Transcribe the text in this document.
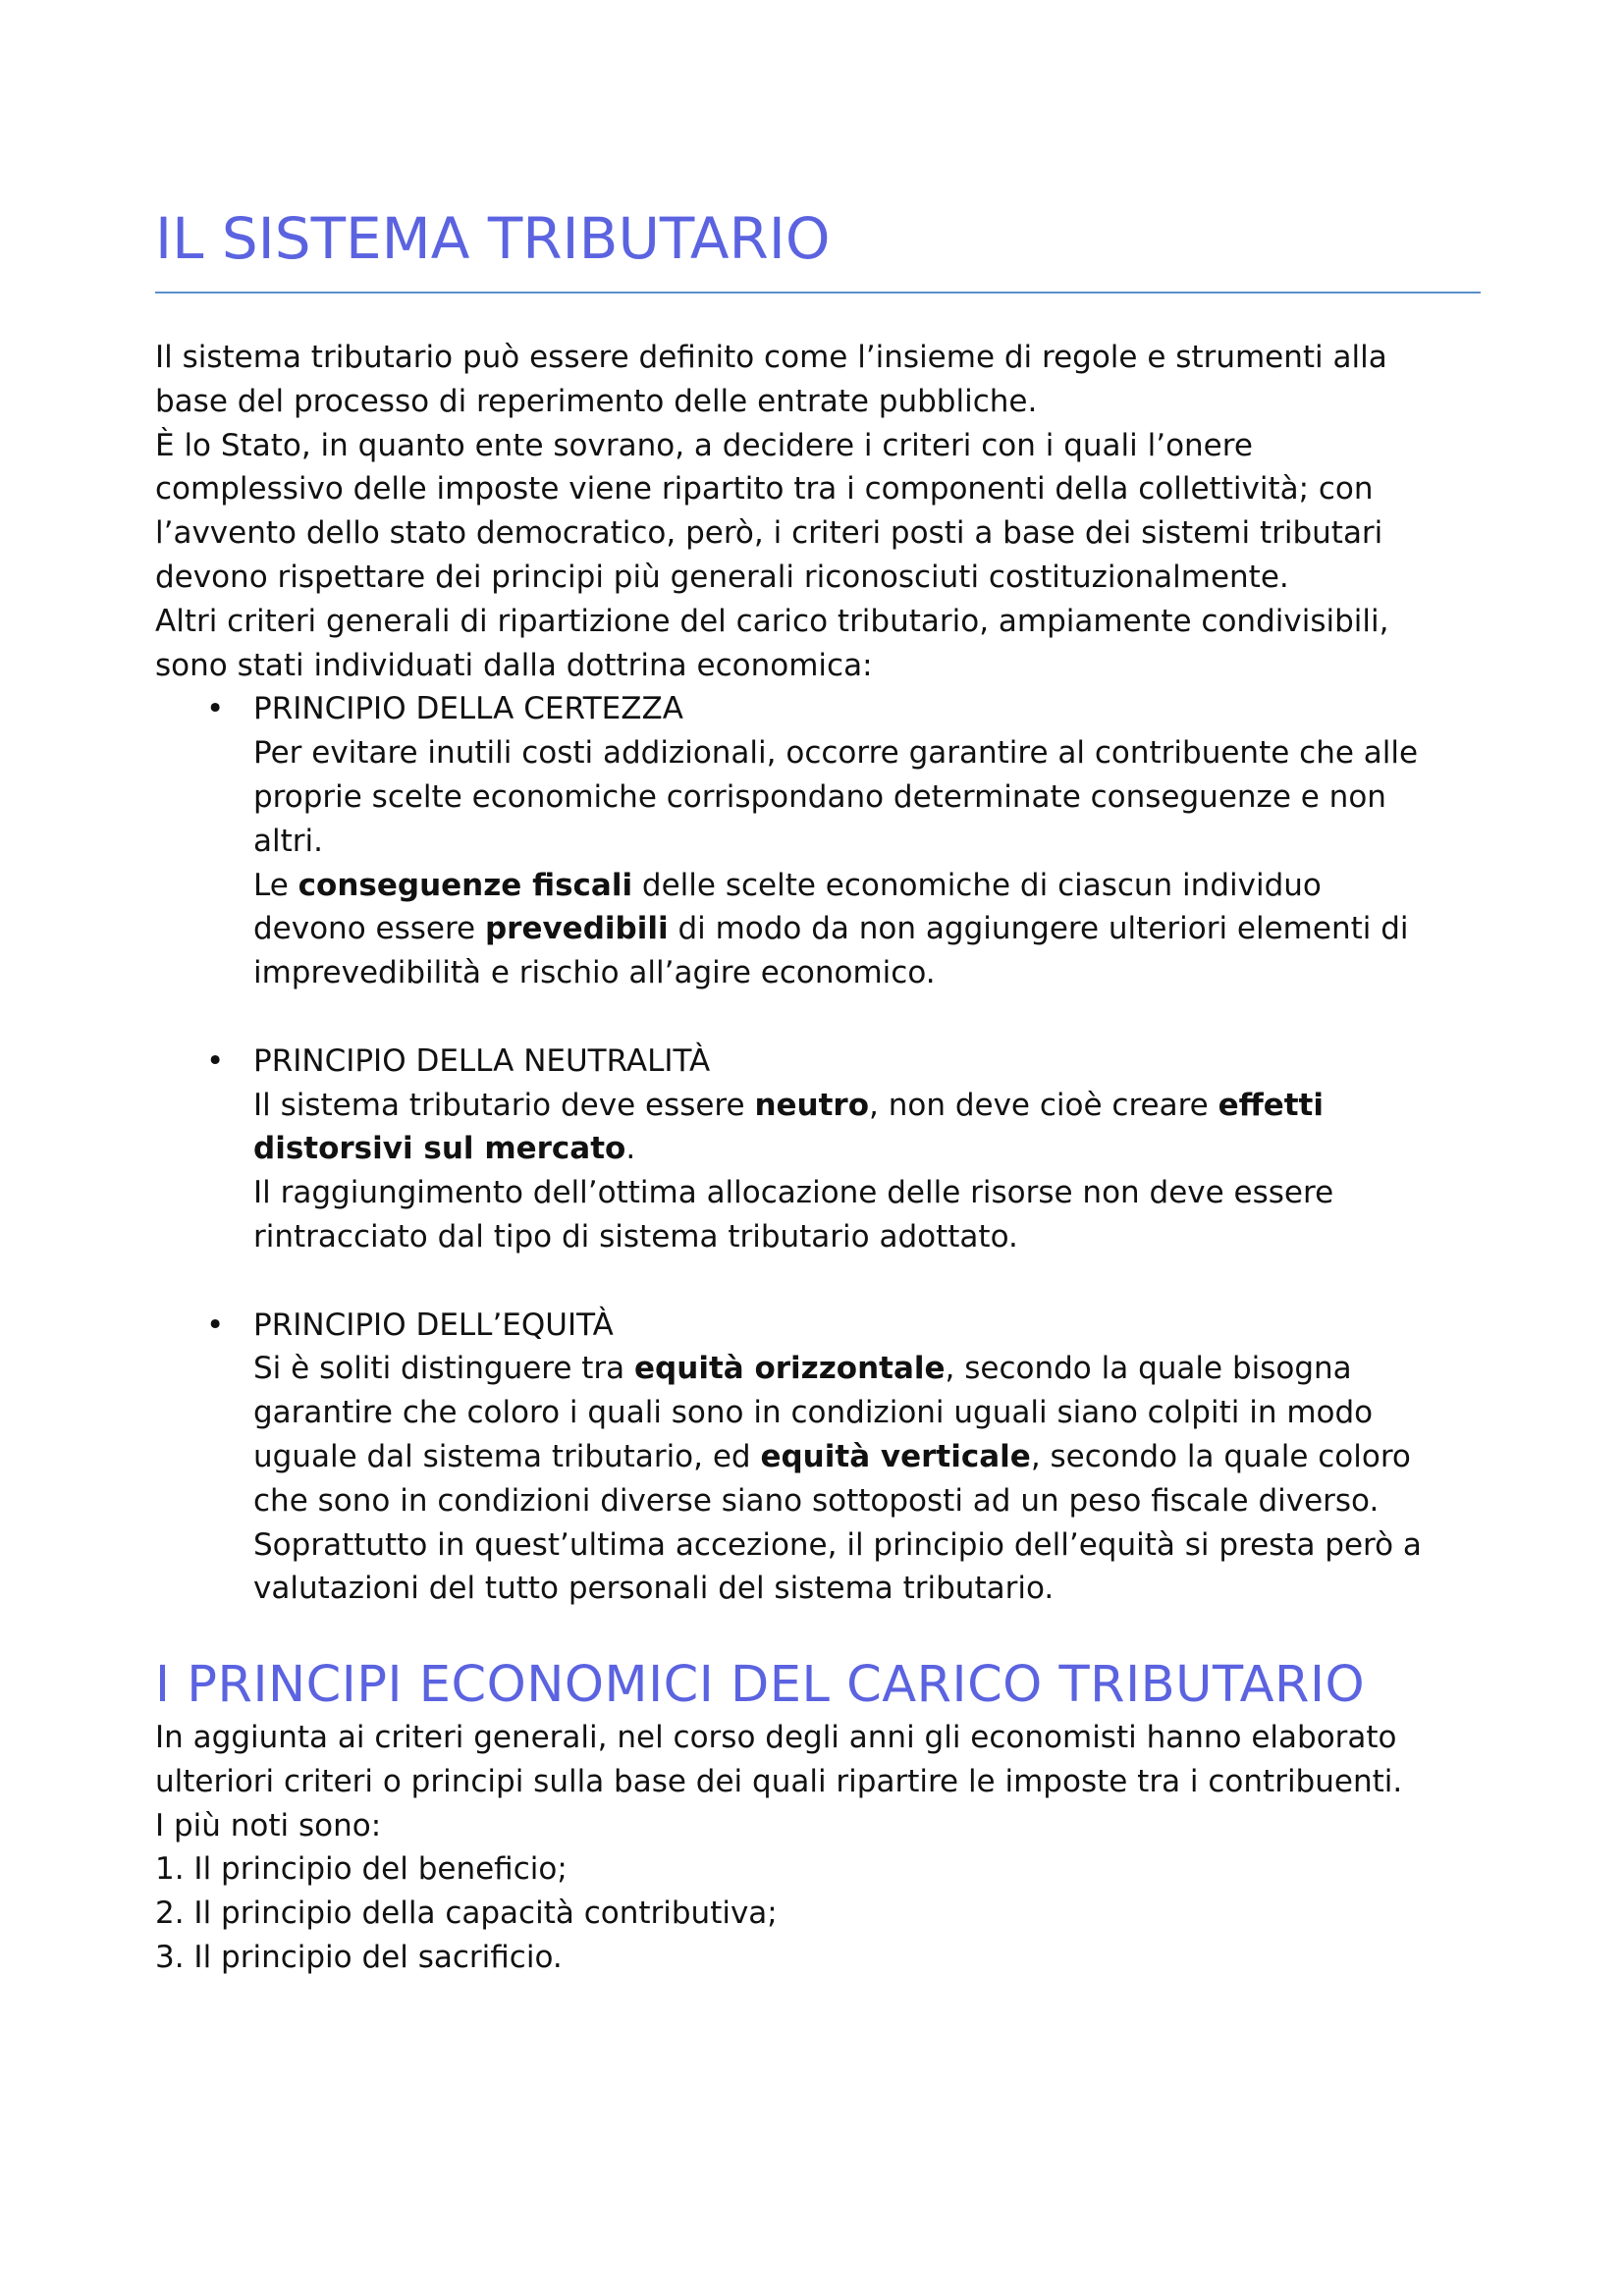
IL SISTEMA TRIBUTARIO
Il sistema tributario può essere definito come l’insieme di regole e strumenti alla
base del processo di reperimento delle entrate pubbliche.
È lo Stato, in quanto ente sovrano, a decidere i criteri con i quali l’onere
complessivo delle imposte viene ripartito tra i componenti della collettività; con
l’avvento dello stato democratico, però, i criteri posti a base dei sistemi tributari
devono rispettare dei principi più generali riconosciuti costituzionalmente.
Altri criteri generali di ripartizione del carico tributario, ampiamente condivisibili,
sono stati individuati dalla dottrina economica:
• PRINCIPIO DELLA CERTEZZA
Per evitare inutili costi addizionali, occorre garantire al contribuente che alle
proprie scelte economiche corrispondano determinate conseguenze e non
altri.
Le conseguenze fiscali delle scelte economiche di ciascun individuo
devono essere prevedibili di modo da non aggiungere ulteriori elementi di
imprevedibilità e rischio all’agire economico.
• PRINCIPIO DELLA NEUTRALITÀ
Il sistema tributario deve essere neutro, non deve cioè creare effetti
distorsivi sul mercato.
Il raggiungimento dell’ottima allocazione delle risorse non deve essere
rintracciato dal tipo di sistema tributario adottato.
• PRINCIPIO DELL’EQUITÀ
Si è soliti distinguere tra equità orizzontale, secondo la quale bisogna
garantire che coloro i quali sono in condizioni uguali siano colpiti in modo
uguale dal sistema tributario, ed equità verticale, secondo la quale coloro
che sono in condizioni diverse siano sottoposti ad un peso fiscale diverso.
Soprattutto in quest’ultima accezione, il principio dell’equità si presta però a
valutazioni del tutto personali del sistema tributario.
I PRINCIPI ECONOMICI DEL CARICO TRIBUTARIO
In aggiunta ai criteri generali, nel corso degli anni gli economisti hanno elaborato
ulteriori criteri o principi sulla base dei quali ripartire le imposte tra i contribuenti.
I più noti sono:
1. Il principio del beneficio;
2. Il principio della capacità contributiva;
3. Il principio del sacrificio.
